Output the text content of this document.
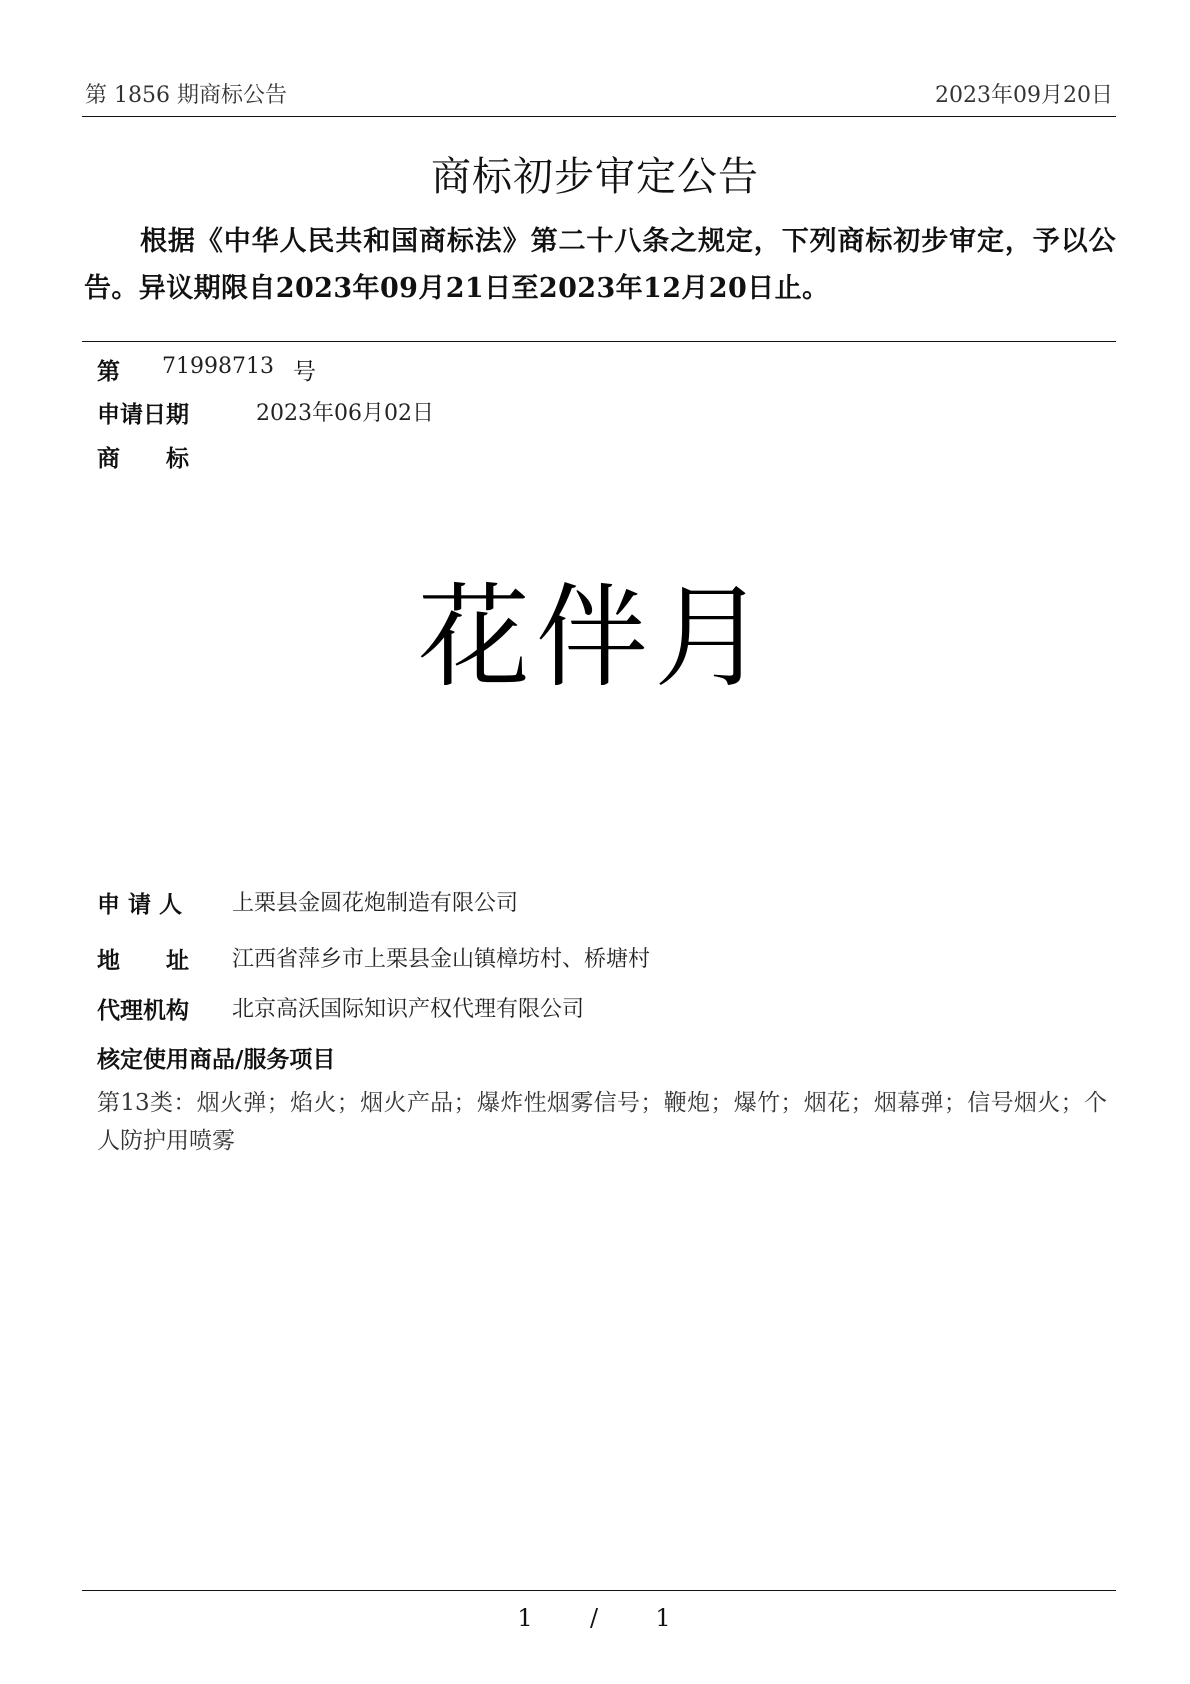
第 1856 期商标公告	2023年09月20日
商标初步审定公告
根据《中华人民共和国商标法》第二十八条之规定，下列商标初步审定，予以公告。异议期限自2023年09月21日至2023年12月20日止。
第 71998713 号
申请日期	2023年06月02日
商　　标
花伴月
申 请 人 上栗县金圆花炮制造有限公司
地　　址 江西省萍乡市上栗县金山镇樟坊村、桥塘村
代理机构 北京高沃国际知识产权代理有限公司
核定使用商品/服务项目
第13类：烟火弹；焰火；烟火产品；爆炸性烟雾信号；鞭炮；爆竹；烟花；烟幕弹；信号烟火；个人防护用喷雾
1 / 1
